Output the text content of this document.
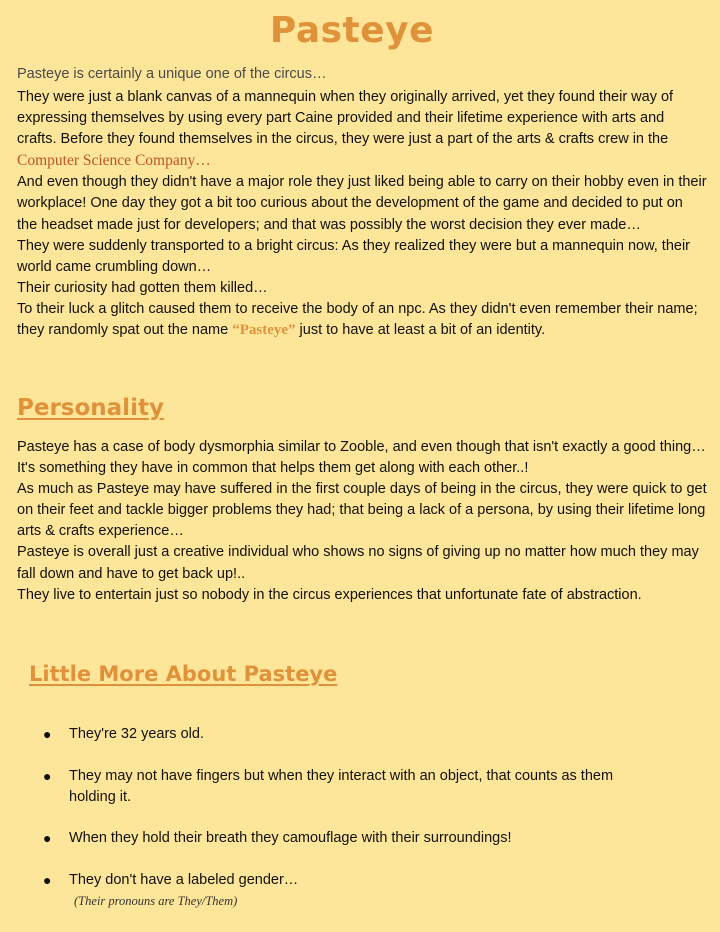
Pasteye
Pasteye is certainly a unique one of the circus…
They were just a blank canvas of a mannequin when they originally arrived, yet they found their way of expressing themselves by using every part Caine provided and their lifetime experience with arts and crafts. Before they found themselves in the circus, they were just a part of the arts & crafts crew in the Computer Science Company…
And even though they didn't have a major role they just liked being able to carry on their hobby even in their workplace! One day they got a bit too curious about the development of the game and decided to put on the headset made just for developers; and that was possibly the worst decision they ever made…
They were suddenly transported to a bright circus: As they realized they were but a mannequin now, their world came crumbling down…
Their curiosity had gotten them killed…
To their luck a glitch caused them to receive the body of an npc. As they didn't even remember their name; they randomly spat out the name “Pasteye” just to have at least a bit of an identity.
Personality
Pasteye has a case of body dysmorphia similar to Zooble, and even though that isn't exactly a good thing… It's something they have in common that helps them get along with each other..!
As much as Pasteye may have suffered in the first couple days of being in the circus, they were quick to get on their feet and tackle bigger problems they had; that being a lack of a persona, by using their lifetime long arts & crafts experience…
Pasteye is overall just a creative individual who shows no signs of giving up no matter how much they may fall down and have to get back up!..
They live to entertain just so nobody in the circus experiences that unfortunate fate of abstraction.
Little More About Pasteye
●	They're 32 years old.
●	They may not have fingers but when they interact with an object, that counts as them holding it.
●	When they hold their breath they camouflage with their surroundings!
●	They don't have a labeled gender…
(Their pronouns are They/Them)
